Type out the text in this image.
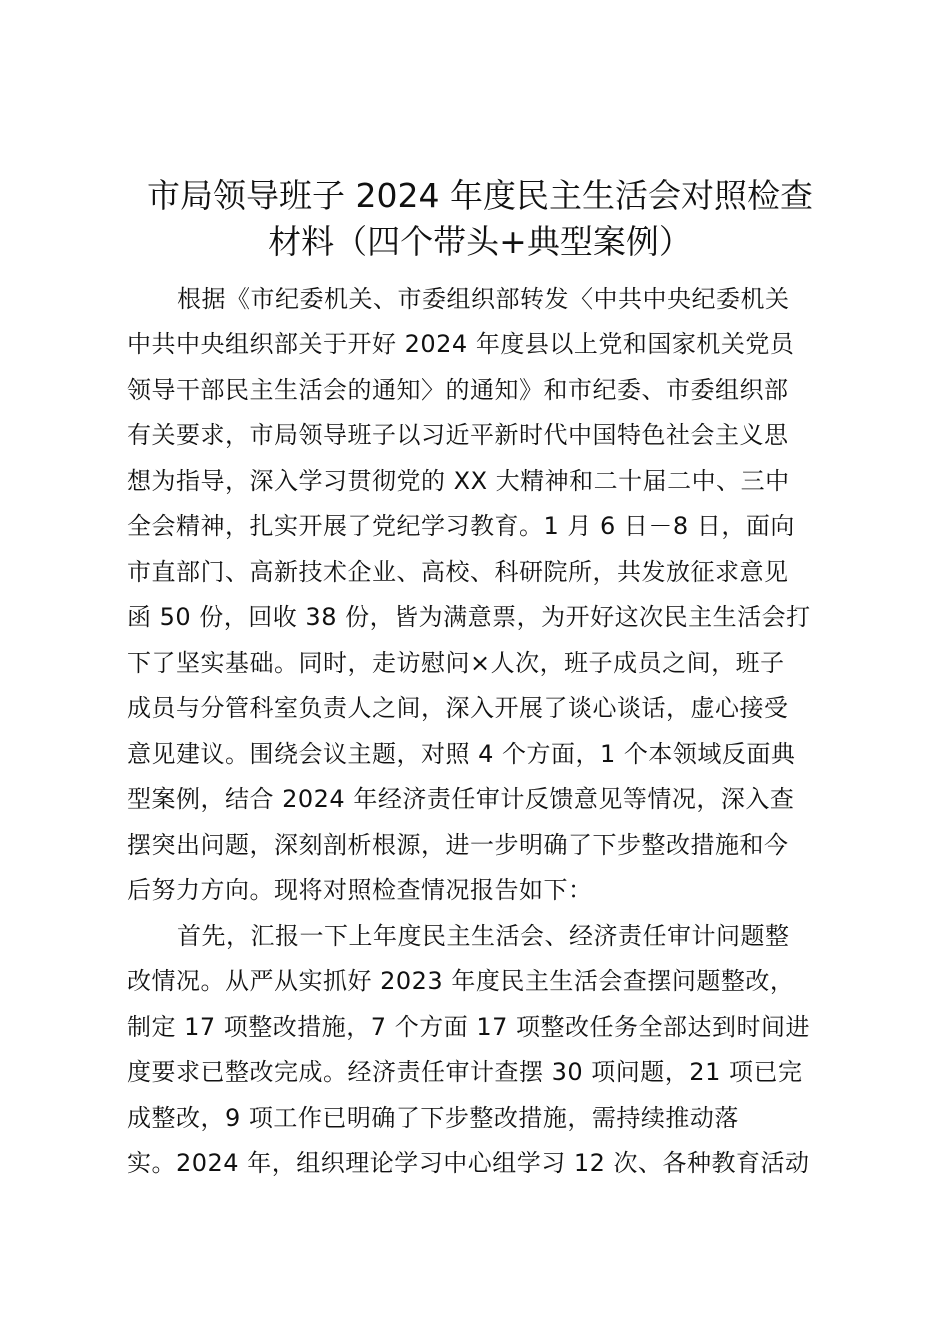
市局领导班子 2024 年度民主生活会对照检查
材料（四个带头+典型案例）
根据《市纪委机关、市委组织部转发〈中共中央纪委机关
中共中央组织部关于开好 2024 年度县以上党和国家机关党员
领导干部民主生活会的通知〉的通知》和市纪委、市委组织部
有关要求，市局领导班子以习近平新时代中国特色社会主义思
想为指导，深入学习贯彻党的 XX 大精神和二十届二中、三中
全会精神，扎实开展了党纪学习教育。1 月 6 日－8 日，面向
市直部门、高新技术企业、高校、科研院所，共发放征求意见
函 50 份，回收 38 份，皆为满意票，为开好这次民主生活会打
下了坚实基础。同时，走访慰问×人次，班子成员之间，班子
成员与分管科室负责人之间，深入开展了谈心谈话，虚心接受
意见建议。围绕会议主题，对照 4 个方面，1 个本领域反面典
型案例，结合 2024 年经济责任审计反馈意见等情况，深入查
摆突出问题，深刻剖析根源，进一步明确了下步整改措施和今
后努力方向。现将对照检查情况报告如下：
首先，汇报一下上年度民主生活会、经济责任审计问题整
改情况。从严从实抓好 2023 年度民主生活会查摆问题整改，
制定 17 项整改措施，7 个方面 17 项整改任务全部达到时间进
度要求已整改完成。经济责任审计查摆 30 项问题，21 项已完
成整改，9 项工作已明确了下步整改措施，需持续推动落
实。2024 年，组织理论学习中心组学习 12 次、各种教育活动
